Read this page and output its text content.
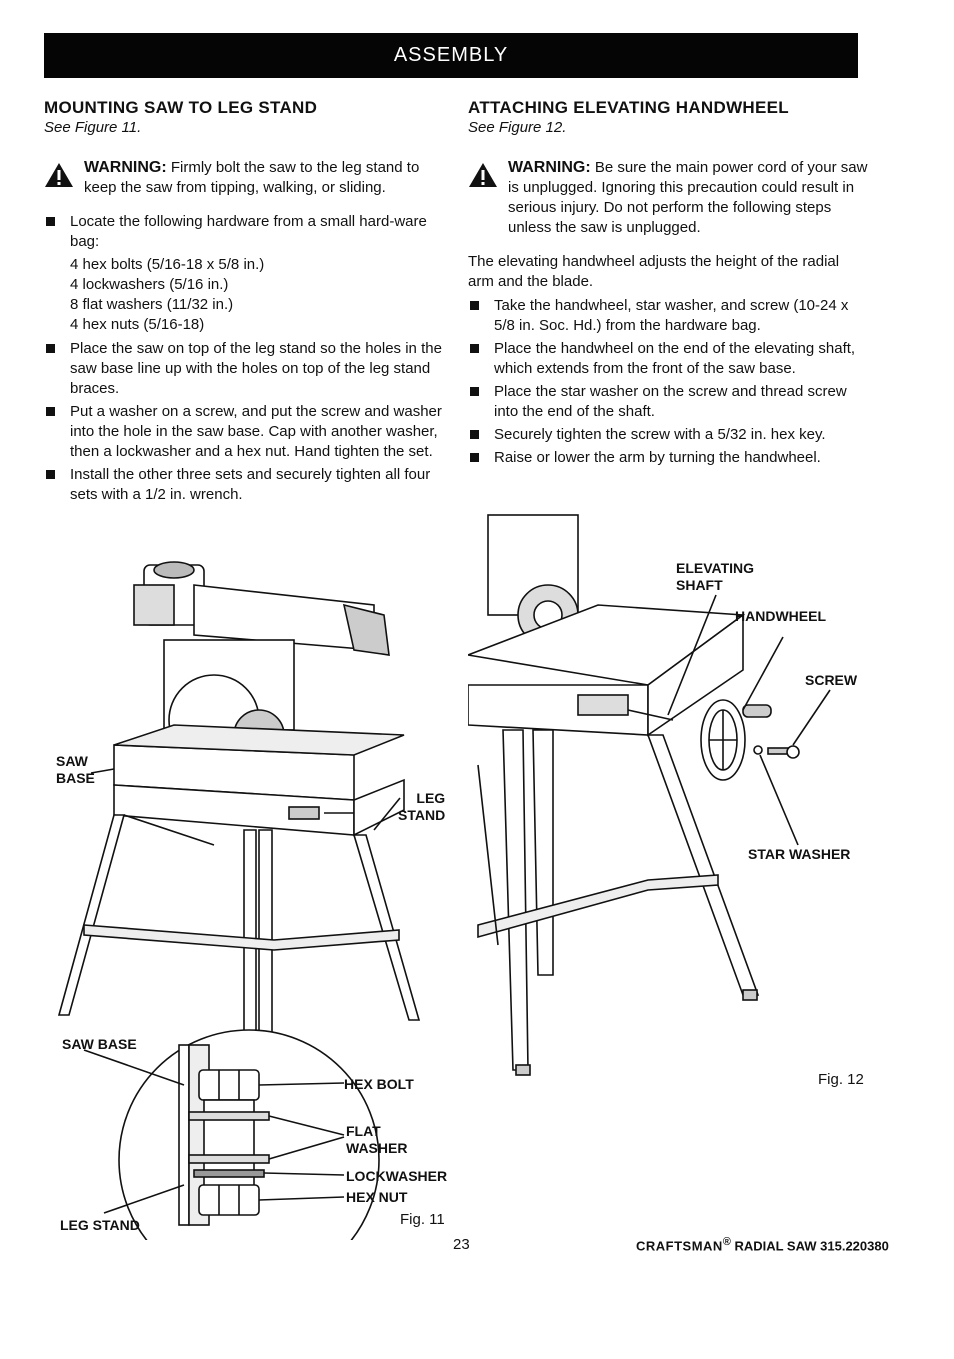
ASSEMBLY
MOUNTING SAW TO LEG STAND
See Figure 11.
WARNING: Firmly bolt the saw to the leg stand to keep the saw from tipping, walking, or sliding.
Locate the following hardware from a small hard-ware bag:
4 hex bolts (5/16-18 x 5/8 in.)
4 lockwashers (5/16 in.)
8 flat washers (11/32 in.)
4 hex nuts (5/16-18)
Place the saw on top of the leg stand so the holes in the saw base line up with the holes on top of the leg stand braces.
Put a washer on a screw, and put the screw and washer into the hole in the saw base. Cap with another washer, then a lockwasher and a hex nut. Hand tighten the set.
Install the other three sets and securely tighten all four sets with a 1/2 in. wrench.
ATTACHING ELEVATING HANDWHEEL
See Figure 12.
WARNING: Be sure the main power cord of your saw is unplugged. Ignoring this precaution could result in serious injury. Do not perform the following steps unless the saw is unplugged.

The elevating handwheel adjusts the height of the radial arm and the blade.

Take the handwheel, star washer, and screw (10-24 x 5/8 in. Soc. Hd.) from the hardware bag.
Place the handwheel on the end of the elevating shaft, which extends from the front of the saw base.
Place the star washer on the screw and thread screw into the end of the shaft.
Securely tighten the screw with a 5/32 in. hex key.
Raise or lower the arm by turning the handwheel.
SAW
BASE
LEG
STAND
SAW BASE
HEX BOLT
FLAT
WASHER
LOCKWASHER
HEX NUT
LEG STAND	Fig. 11
ELEVATING
SHAFT
HANDWHEEL
SCREW
STAR WASHER
Fig. 12
23	CRAFTSMAN® RADIAL SAW 315.220380
